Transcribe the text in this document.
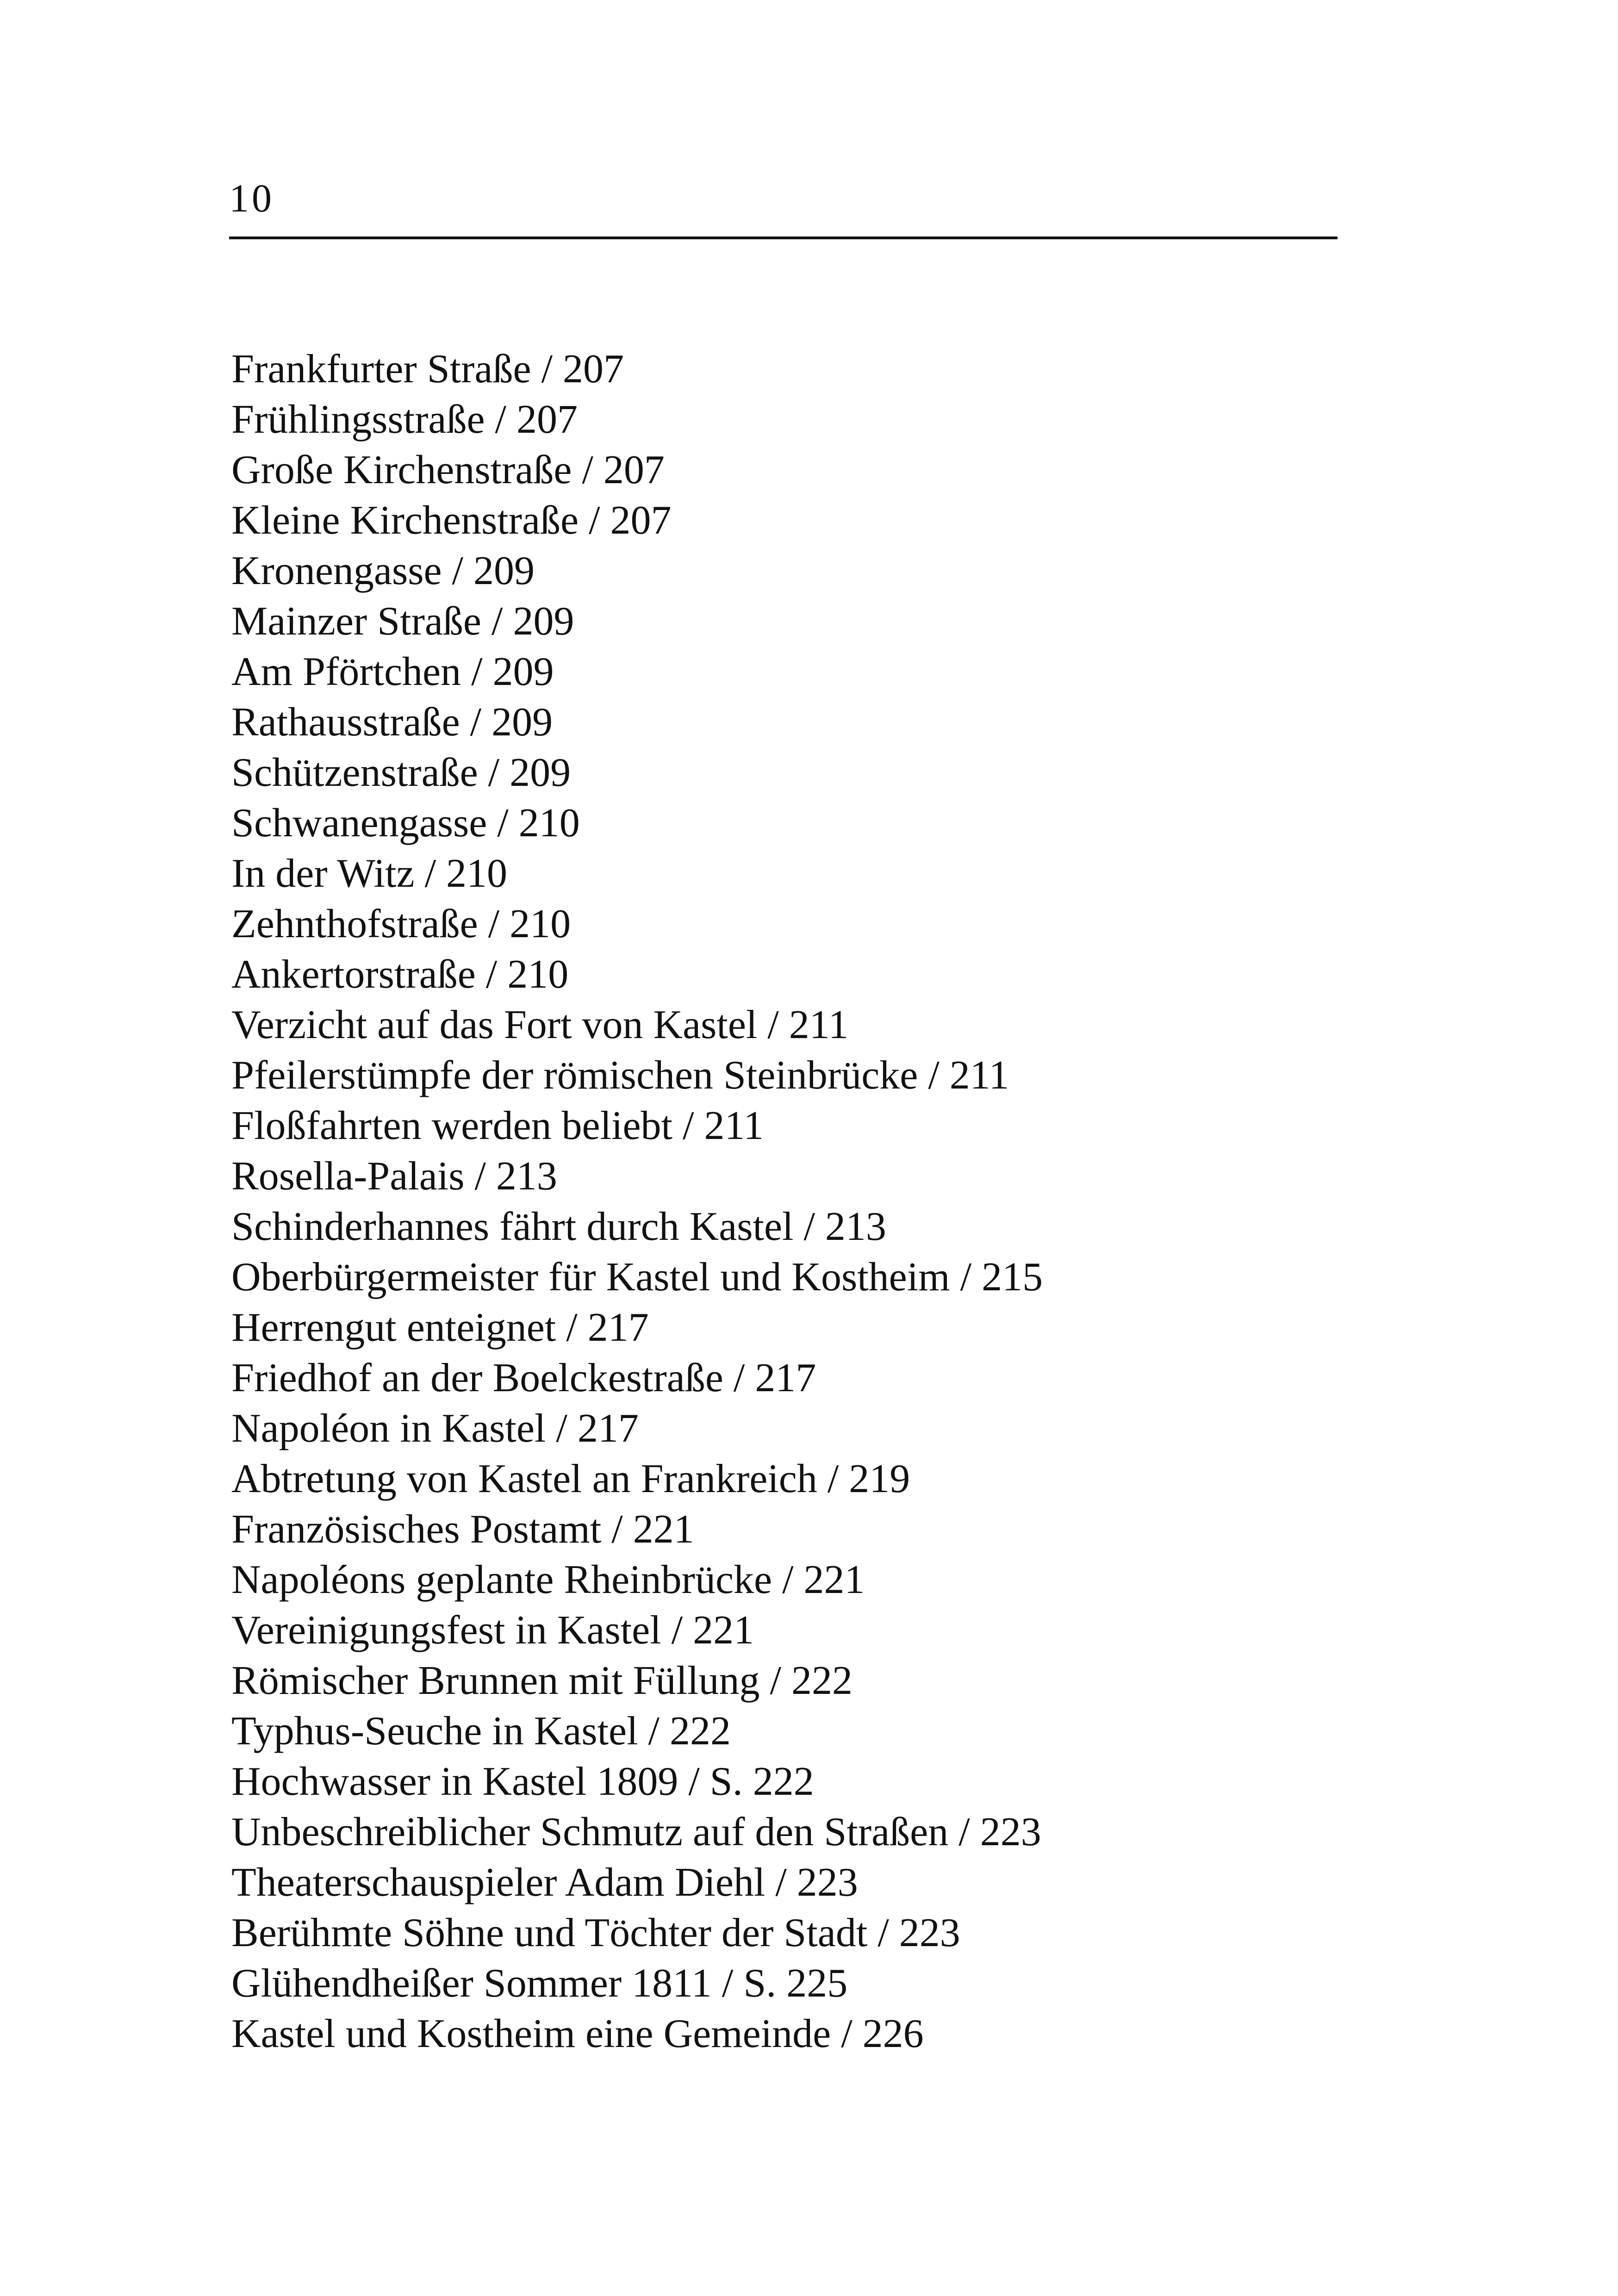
10
Frankfurter Straße / 207
Frühlingsstraße / 207
Große Kirchenstraße / 207
Kleine Kirchenstraße / 207
Kronengasse / 209
Mainzer Straße / 209
Am Pförtchen / 209
Rathausstraße / 209
Schützenstraße / 209
Schwanengasse / 210
In der Witz / 210
Zehnthofstraße / 210
Ankertorstraße / 210
Verzicht auf das Fort von Kastel / 211
Pfeilerstümpfe der römischen Steinbrücke / 211
Floßfahrten werden beliebt / 211
Rosella-Palais / 213
Schinderhannes fährt durch Kastel / 213
Oberbürgermeister für Kastel und Kostheim / 215
Herrengut enteignet / 217
Friedhof an der Boelckestraße / 217
Napoléon in Kastel / 217
Abtretung von Kastel an Frankreich / 219
Französisches Postamt / 221
Napoléons geplante Rheinbrücke / 221
Vereinigungsfest in Kastel / 221
Römischer Brunnen mit Füllung / 222
Typhus-Seuche in Kastel / 222
Hochwasser in Kastel 1809 / S. 222
Unbeschreiblicher Schmutz auf den Straßen / 223
Theaterschauspieler Adam Diehl / 223
Berühmte Söhne und Töchter der Stadt / 223
Glühendheißer Sommer 1811 / S. 225
Kastel und Kostheim eine Gemeinde / 226
